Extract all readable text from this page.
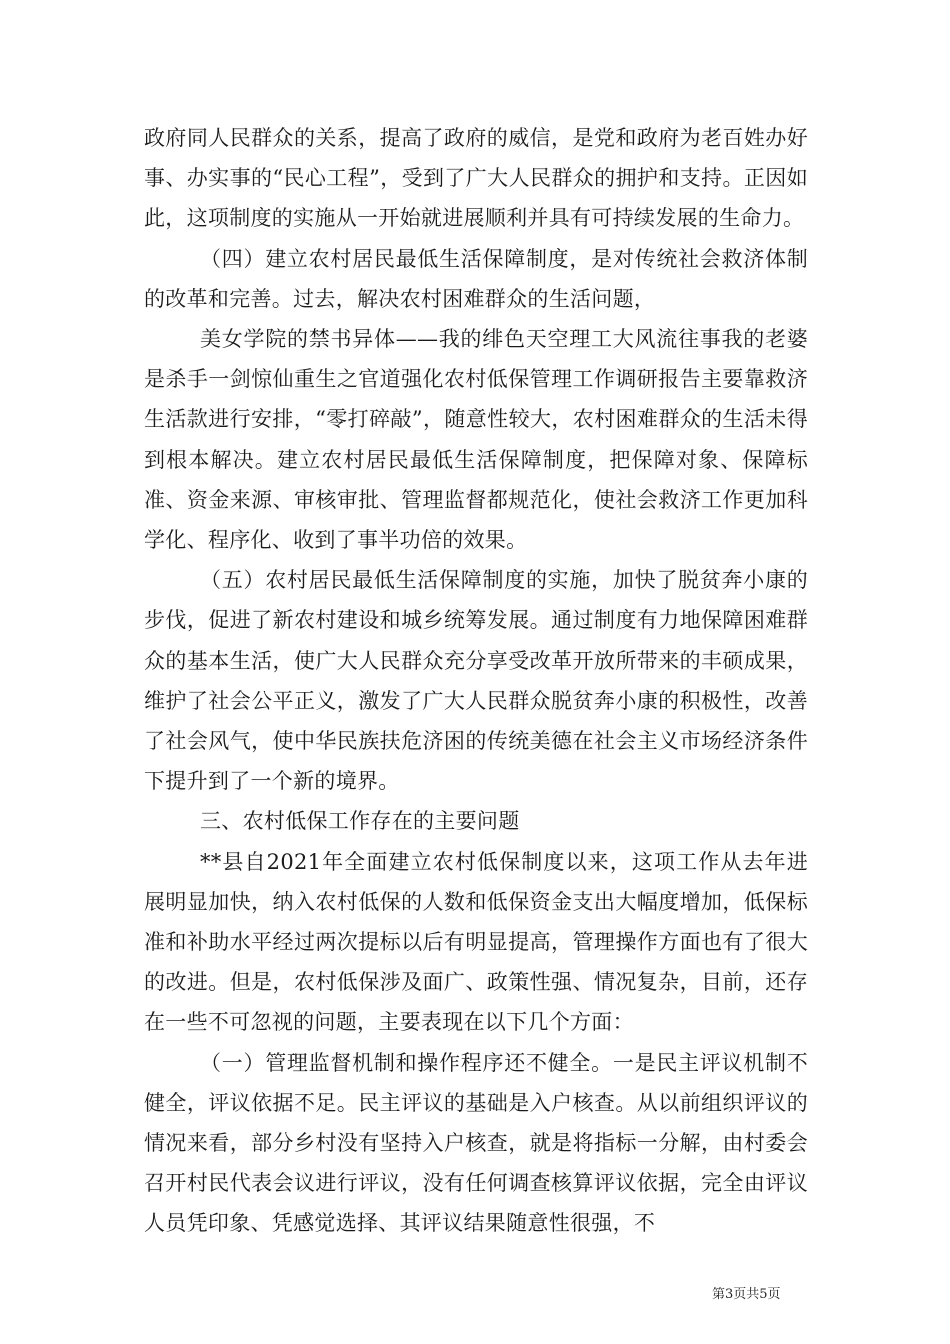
政府同人民群众的关系，提高了政府的威信，是党和政府为老百姓办好事、办实事的“民心工程”，受到了广大人民群众的拥护和支持。正因如此，这项制度的实施从一开始就进展顺利并具有可持续发展的生命力。

（四）建立农村居民最低生活保障制度，是对传统社会救济体制的改革和完善。过去，解决农村困难群众的生活问题，

美女学院的禁书异体——我的绯色天空理工大风流往事我的老婆是杀手一剑惊仙重生之官道强化农村低保管理工作调研报告主要靠救济生活款进行安排，“零打碎敲”，随意性较大，农村困难群众的生活未得到根本解决。建立农村居民最低生活保障制度，把保障对象、保障标准、资金来源、审核审批、管理监督都规范化，使社会救济工作更加科学化、程序化、收到了事半功倍的效果。

（五）农村居民最低生活保障制度的实施，加快了脱贫奔小康的步伐，促进了新农村建设和城乡统筹发展。通过制度有力地保障困难群众的基本生活，使广大人民群众充分享受改革开放所带来的丰硕成果，维护了社会公平正义，激发了广大人民群众脱贫奔小康的积极性，改善了社会风气，使中华民族扶危济困的传统美德在社会主义市场经济条件下提升到了一个新的境界。

三、农村低保工作存在的主要问题

**县自2021年全面建立农村低保制度以来，这项工作从去年进展明显加快，纳入农村低保的人数和低保资金支出大幅度增加，低保标准和补助水平经过两次提标以后有明显提高，管理操作方面也有了很大的改进。但是，农村低保涉及面广、政策性强、情况复杂，目前，还存在一些不可忽视的问题，主要表现在以下几个方面：

（一）管理监督机制和操作程序还不健全。一是民主评议机制不健全，评议依据不足。民主评议的基础是入户核查。从以前组织评议的情况来看，部分乡村没有坚持入户核查，就是将指标一分解，由村委会召开村民代表会议进行评议，没有任何调查核算评议依据，完全由评议人员凭印象、凭感觉选择、其评议结果随意性很强，不

第3页共5页
